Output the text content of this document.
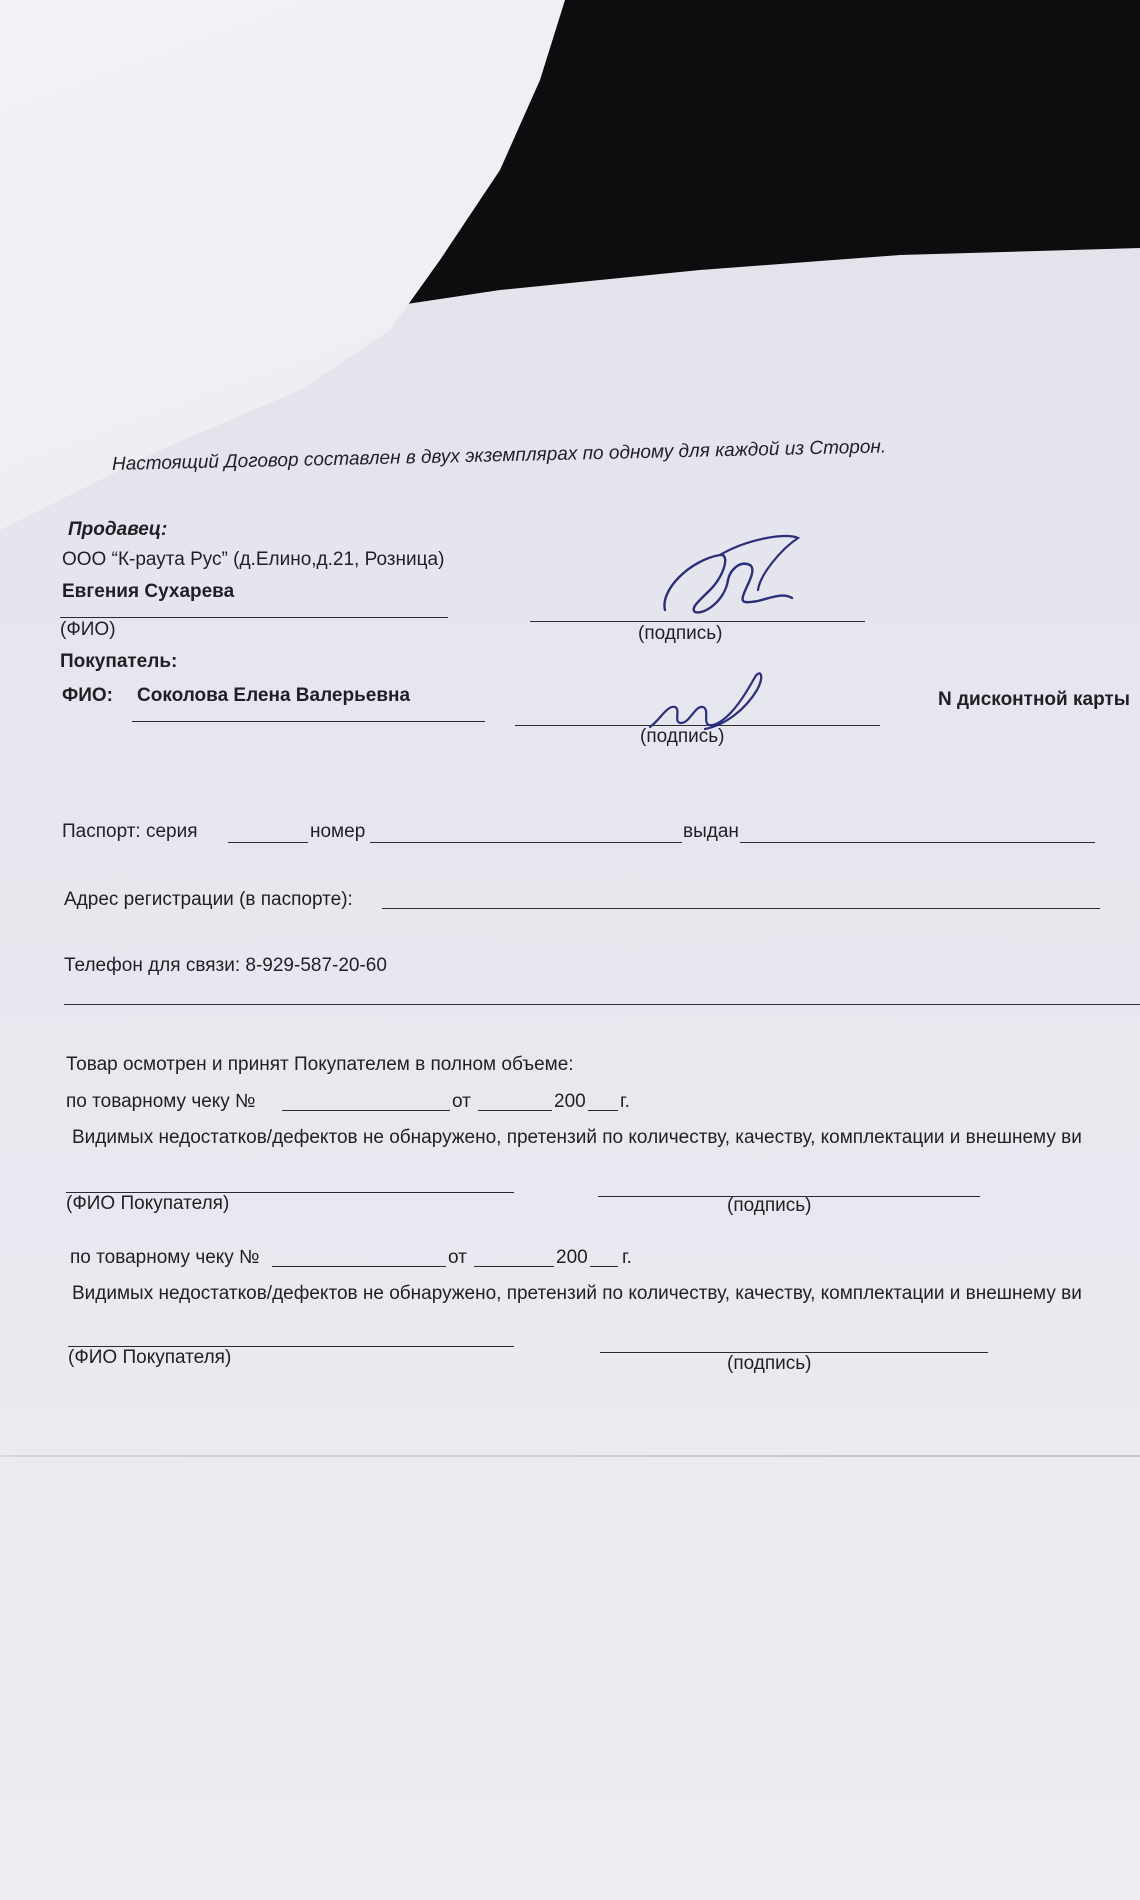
Настоящий Договор составлен в двух экземплярах по одному для каждой из Сторон.
Продавец:
ООО “К-раута Рус” (д.Елино,д.21, Розница)
Евгения Сухарева
(ФИО)	(подпись)
Покупатель:
ФИО: Соколова Елена Валерьевна
(подпись)
N дисконтной карты
Паспорт: серия	номер	выдан
Адрес регистрации (в паспорте):
Телефон для связи: 8-929-587-20-60
Товар осмотрен и принят Покупателем в полном объеме:
по товарному чеку №	от	200 г.
Видимых недостатков/дефектов не обнаружено, претензий по количеству, качеству, комплектации и внешнему ви
(ФИО Покупателя)	(подпись)
по товарному чеку №	от	200 г.
Видимых недостатков/дефектов не обнаружено, претензий по количеству, качеству, комплектации и внешнему ви
(ФИО Покупателя)	(подпись)
